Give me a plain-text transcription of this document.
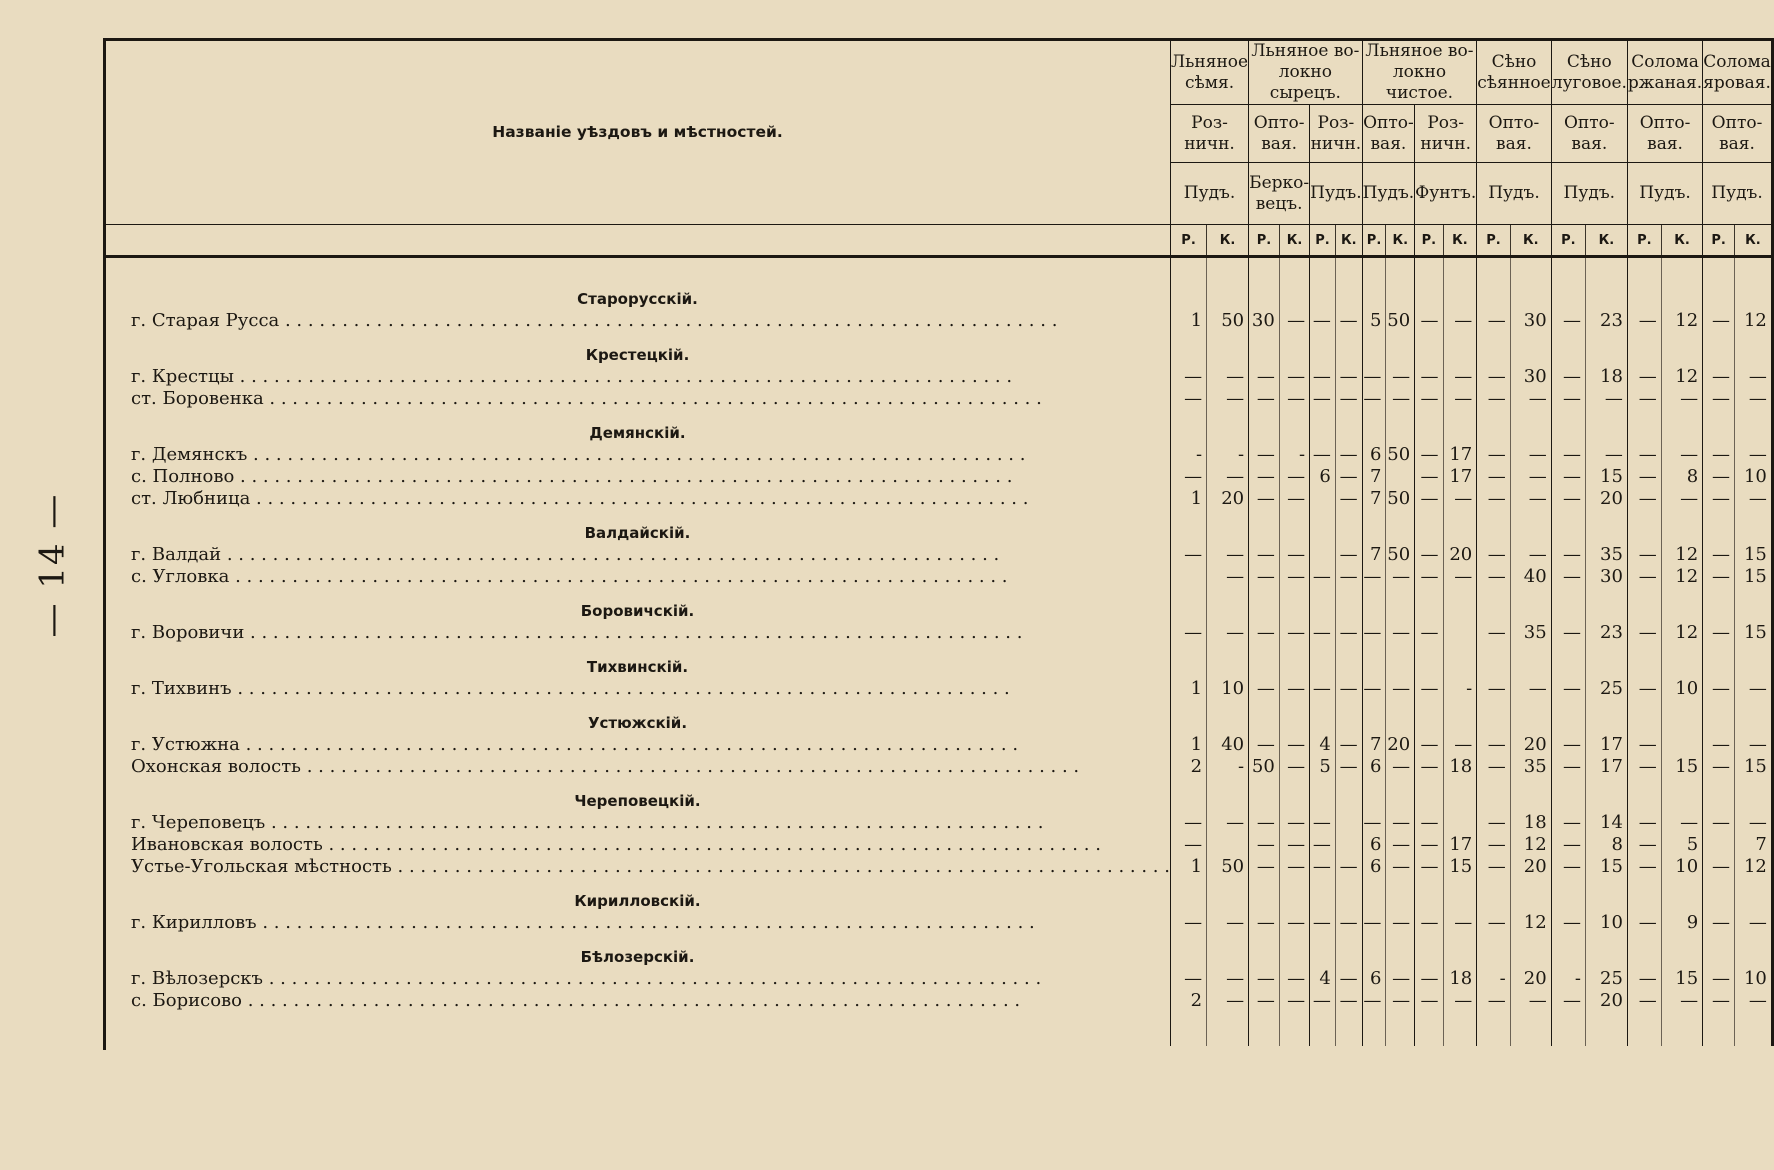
— 14 —
Названіе уѣздовъ и мѣстностей.	Льняное сѣмя.		Льняное во-локно сырецъ.				Льняное во-локно чистое.				Сѣно сѣянное		Сѣно луговое.		Солома ржаная.		Солома яровая.	
	Роз-ничн.		Опто-вая.		Роз-ничн.		Опто-вая.		Роз-ничн.		Опто-вая.		Опто-вая.		Опто-вая.		Опто-вая.	
	Пудъ.		Берко-вецъ.		Пудъ.		Пудъ.		Фунтъ.		Пудъ.		Пудъ.		Пудъ.		Пудъ.	
	Р.	К.	Р.	К.	Р.	К.	Р.	К.	Р.	К.	Р.	К.	Р.	К.	Р.	К.	Р.	К.

Старорусскій.																		
г. Старая Русса . . .	1	50	30	—	—	—	5	50	—	—	—	30	—	23	—	12	—	12
Крестецкій.																		
г. Крестцы . . .	—	—	—	—	—	—	—	—	—	—	—	30	—	18	—	12	—	—
ст. Боровенка . . .	—	—	—	—	—	—	—	—	—	—	—	—	—	—	—	—	—	—
Демянскій.																		
г. Демянскъ . . .	-	-	—	-	—	—	6	50	—	17	—	—	—	—	—	—	—	—
с. Полново . . .	—	—	—	—	6	—	7		—	17	—	—	—	15	—	8	—	10
ст. Любница . . .	1	20	—	—		—	7	50	—	—	—	—	—	20	—	—	—	—
Валдайскій.																		
г. Валдай . . .	—	—	—	—		—	7	50	—	20	—	—	—	35	—	12	—	15
с. Угловка . . .		—	—	—	—	—	—	—	—	—	—	40	—	30	—	12	—	15
Боровичскій.																		
г. Воровичи . . .	—	—	—	—	—	—	—	—	—		—	35	—	23	—	12	—	15
Тихвинскій.																		
г. Тихвинъ . . .	1	10	—	—	—	—	—	—	—	-	—	—	—	25	—	10	—	—
Устюжскій.																		
г. Устюжна . . .	1	40	—	—	4	—	7	20	—	—	—	20	—	17	—		—	—
Охонская волость . . .	2	-	50	—	5	—	6	—	—	18	—	35	—	17	—	15	—	15
Череповецкій.																		
г. Череповецъ . . .	—	—	—	—	—		—	—	—		—	18	—	14	—	—	—	—
Ивановская волость . . .	—		—	—	—		6	—	—	17	—	12	—	8	—	5		7
Устье-Угольская мѣстность . . .	1	50	—	—	—	—	6	—	—	15	—	20	—	15	—	10	—	12
Кирилловскій.																		
г. Кирилловъ . . .	—	—	—	—	—	—	—	—	—	—	—	12	—	10	—	9	—	—
Бѣлозерскій.																		
г. Вѣлозерскъ . . .	—	—	—	—	4	—	6	—	—	18	-	20	-	25	—	15	—	10
с. Борисово . . .	2	—	—	—	—	—	—	—	—	—	—	—	—	20	—	—	—	—
